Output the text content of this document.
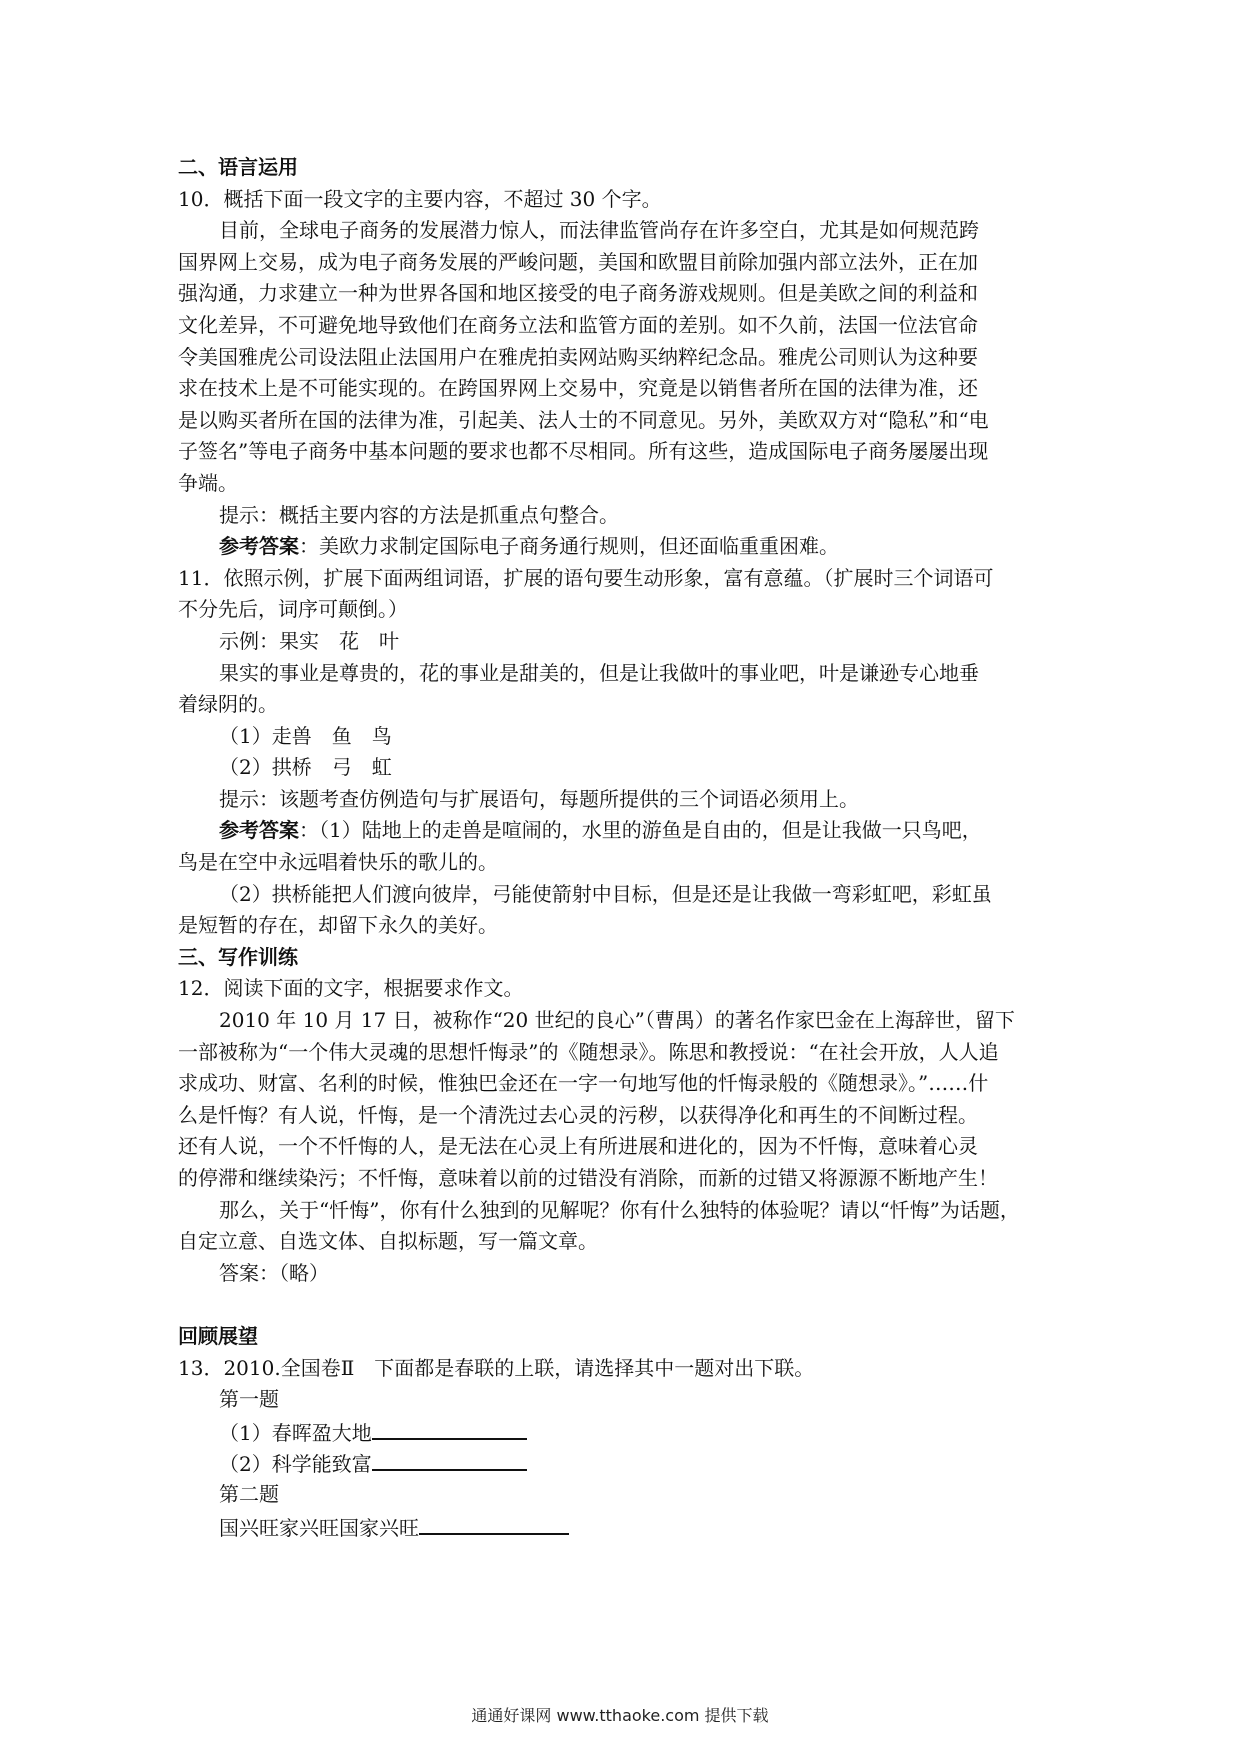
二、语言运用
10．概括下面一段文字的主要内容，不超过 30 个字。
目前，全球电子商务的发展潜力惊人，而法律监管尚存在许多空白，尤其是如何规范跨
国界网上交易，成为电子商务发展的严峻问题，美国和欧盟目前除加强内部立法外，正在加
强沟通，力求建立一种为世界各国和地区接受的电子商务游戏规则。但是美欧之间的利益和
文化差异，不可避免地导致他们在商务立法和监管方面的差别。如不久前，法国一位法官命
令美国雅虎公司设法阻止法国用户在雅虎拍卖网站购买纳粹纪念品。雅虎公司则认为这种要
求在技术上是不可能实现的。在跨国界网上交易中，究竟是以销售者所在国的法律为准，还
是以购买者所在国的法律为准，引起美、法人士的不同意见。另外，美欧双方对“隐私”和“电
子签名”等电子商务中基本问题的要求也都不尽相同。所有这些，造成国际电子商务屡屡出现
争端。
提示：概括主要内容的方法是抓重点句整合。
参考答案：美欧力求制定国际电子商务通行规则，但还面临重重困难。
11．依照示例，扩展下面两组词语，扩展的语句要生动形象，富有意蕴。（扩展时三个词语可
不分先后，词序可颠倒。）
示例：果实　花　叶
果实的事业是尊贵的，花的事业是甜美的，但是让我做叶的事业吧，叶是谦逊专心地垂
着绿阴的。
（1）走兽　鱼　鸟
（2）拱桥　弓　虹
提示：该题考查仿例造句与扩展语句，每题所提供的三个词语必须用上。
参考答案：（1）陆地上的走兽是喧闹的，水里的游鱼是自由的，但是让我做一只鸟吧，
鸟是在空中永远唱着快乐的歌儿的。
（2）拱桥能把人们渡向彼岸，弓能使箭射中目标，但是还是让我做一弯彩虹吧，彩虹虽
是短暂的存在，却留下永久的美好。
三、写作训练
12．阅读下面的文字，根据要求作文。
2010 年 10 月 17 日，被称作“20 世纪的良心”（曹禺）的著名作家巴金在上海辞世，留下
一部被称为“一个伟大灵魂的思想忏悔录”的《随想录》。陈思和教授说：“在社会开放，人人追
求成功、财富、名利的时候，惟独巴金还在一字一句地写他的忏悔录般的《随想录》。”……什
么是忏悔？有人说，忏悔，是一个清洗过去心灵的污秽，以获得净化和再生的不间断过程。
还有人说，一个不忏悔的人，是无法在心灵上有所进展和进化的，因为不忏悔，意味着心灵
的停滞和继续染污；不忏悔，意味着以前的过错没有消除，而新的过错又将源源不断地产生！
那么，关于“忏悔”，你有什么独到的见解呢？你有什么独特的体验呢？请以“忏悔”为话题，
自定立意、自选文体、自拟标题，写一篇文章。
答案：（略）
回顾展望
13．2010.全国卷Ⅱ　下面都是春联的上联，请选择其中一题对出下联。
第一题
（1）春晖盈大地
（2）科学能致富
第二题
国兴旺家兴旺国家兴旺
通通好课网 www.tthaoke.com 提供下载
